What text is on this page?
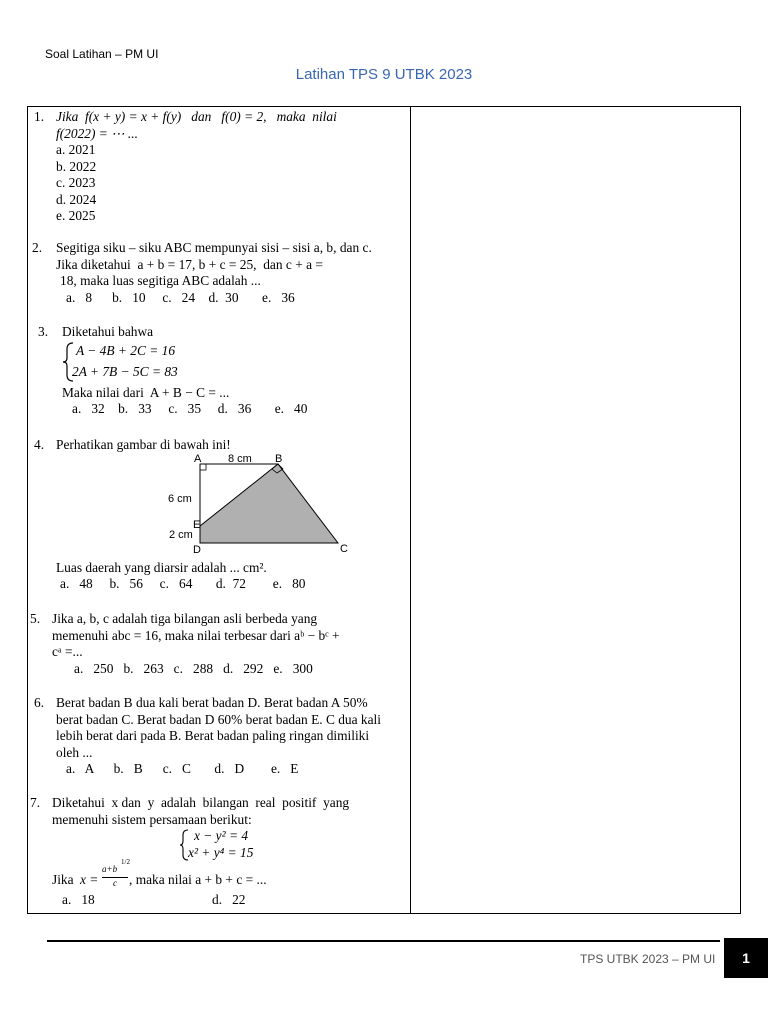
Soal Latihan – PM UI
Latihan TPS 9 UTBK 2023
1. Jika  f(x + y) = x + f(y)   dan   f(0) = 2,   maka  nilai
f(2022) = ⋯ ...
a. 2021
b. 2022
c. 2023
d. 2024
e. 2025
2.	Segitiga siku – siku ABC mempunyai sisi – sisi a, b, dan c.
Jika diketahui  a + b = 17, b + c = 25,  dan c + a =
18, maka luas segitiga ABC adalah ...
a.   8      b.   10     c.   24    d.  30       e.   36
3.	Diketahui bahwa
A − 4B + 2C = 16
2A + 7B − 5C = 83
Maka nilai dari  A + B − C = ...
a.   32    b.   33     c.   35     d.   36       e.   40
4. Perhatikan gambar di bawah ini!
A 8 cm B
6 cm
E
2 cm
D	C
Luas daerah yang diarsir adalah ... cm².
a.   48     b.   56     c.   64       d.  72        e.   80
5. Jika a, b, c adalah tiga bilangan asli berbeda yang
memenuhi abc = 16, maka nilai terbesar dari aᵇ − bᶜ +
cᵃ =...
a.   250   b.   263   c.   288   d.   292   e.   300
6. Berat badan B dua kali berat badan D. Berat badan A 50%
berat badan C. Berat badan D 60% berat badan E. C dua kali
lebih berat dari pada B. Berat badan paling ringan dimiliki
oleh ...
a.   A      b.   B      c.   C       d.   D        e.   E
7. Diketahui  x dan  y  adalah  bilangan  real  positif  yang
memenuhi sistem persamaan berikut:
x − y² = 4
x² + y⁴ = 15
Jika x =
a+b
1/2
c , maka nilai a + b + c = ...
a.   18	d.   22
TPS UTBK 2023 – PM UI	1
